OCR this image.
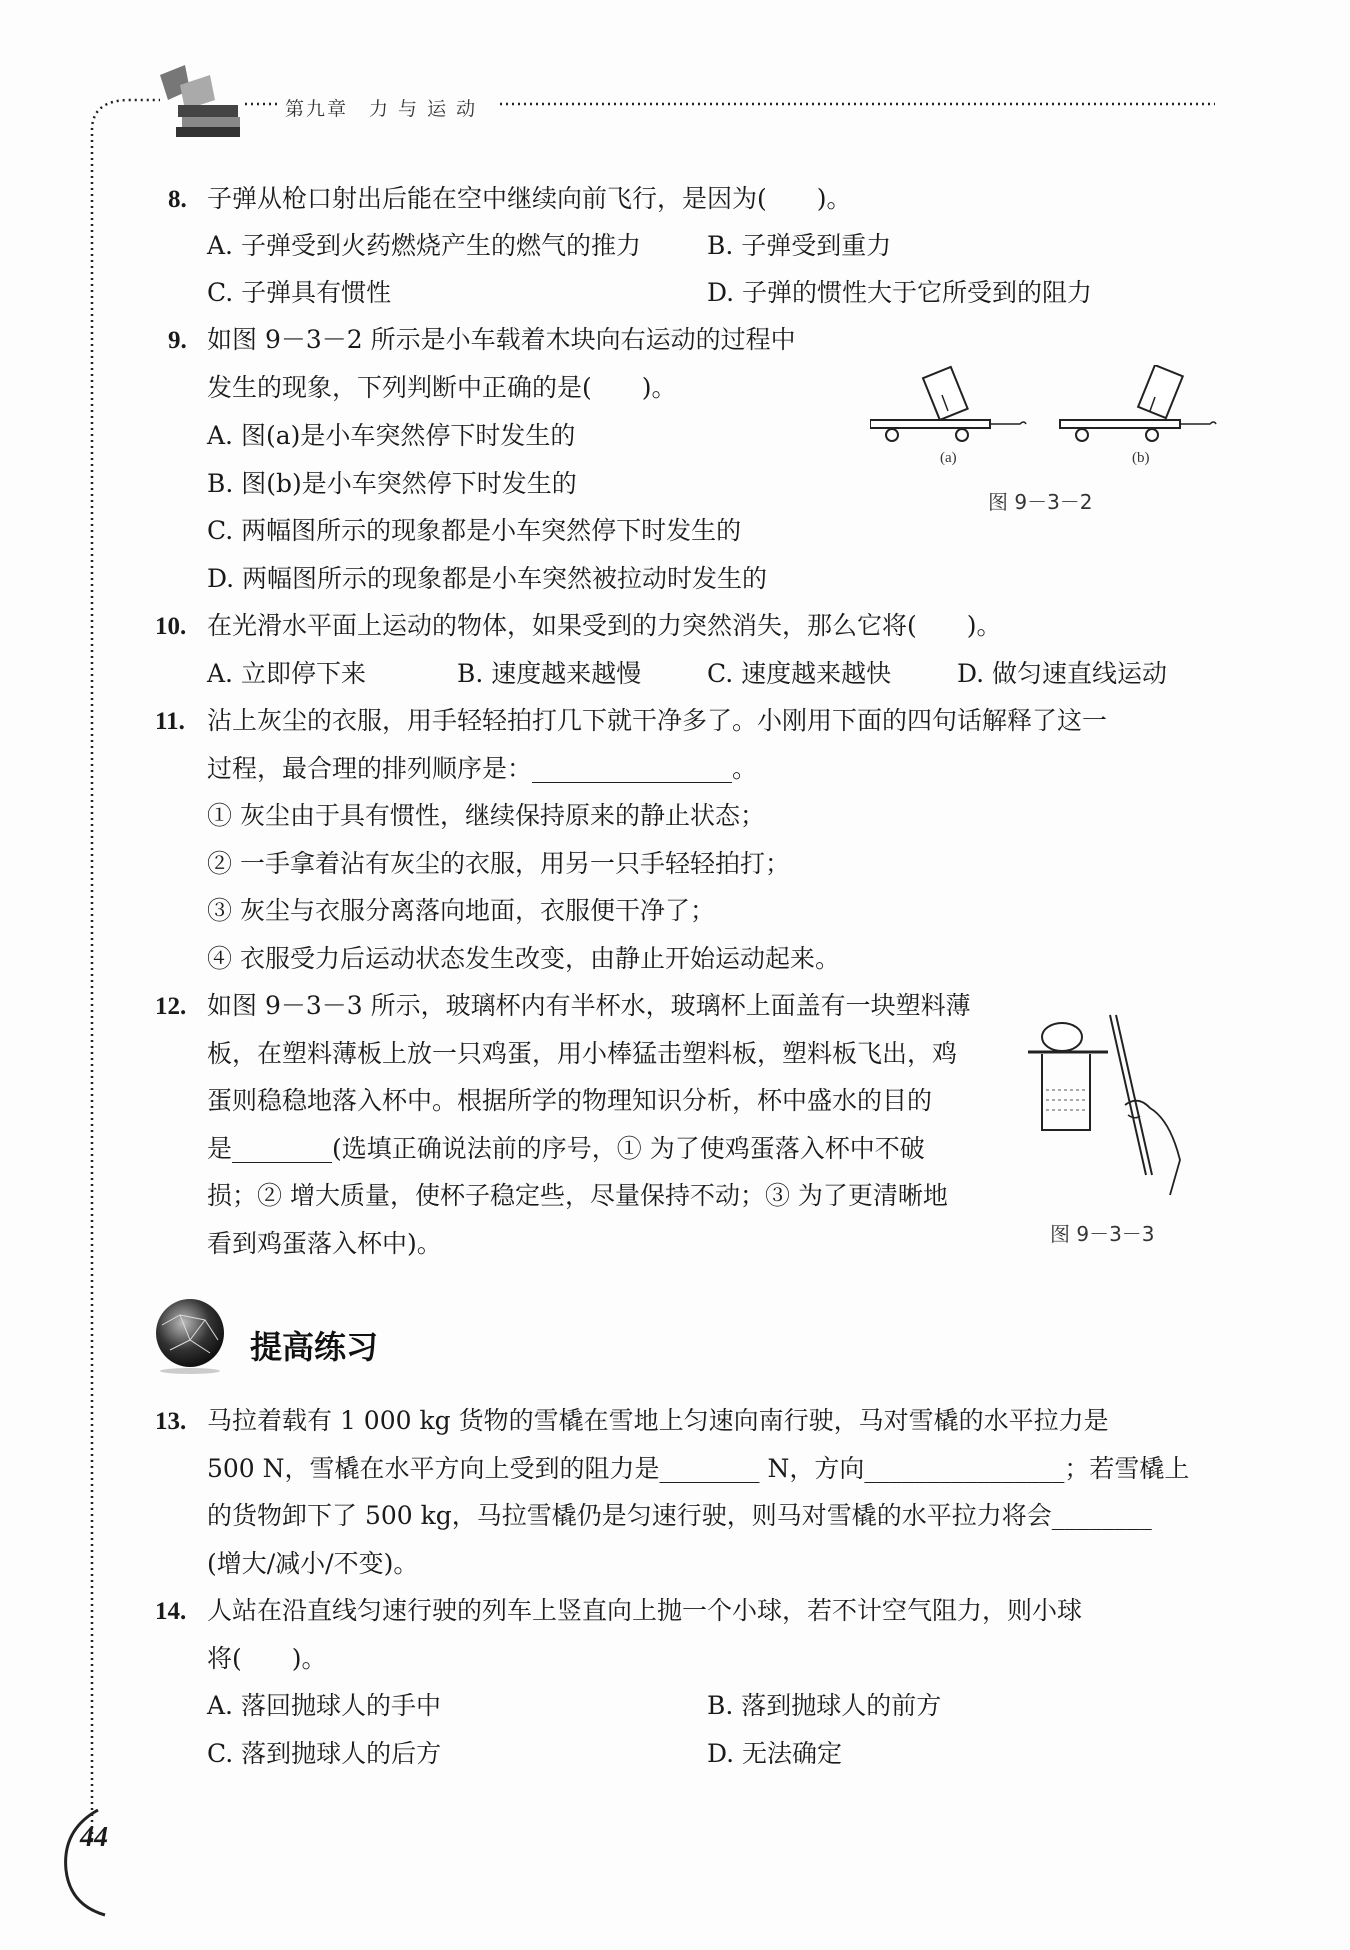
第九章　力 与 运 动
8. 子弹从枪口射出后能在空中继续向前飞行，是因为(　　)。
A. 子弹受到火药燃烧产生的燃气的推力	B. 子弹受到重力
C. 子弹具有惯性	D. 子弹的惯性大于它所受到的阻力
9. 如图 9－3－2 所示是小车载着木块向右运动的过程中
发生的现象，下列判断中正确的是(　　)。
A. 图(a)是小车突然停下时发生的
B. 图(b)是小车突然停下时发生的
C. 两幅图所示的现象都是小车突然停下时发生的
D. 两幅图所示的现象都是小车突然被拉动时发生的
(a)	(b)
图 9－3－2
10. 在光滑水平面上运动的物体，如果受到的力突然消失，那么它将(　　)。
A. 立即停下来	B. 速度越来越慢	C. 速度越来越快	D. 做匀速直线运动
11. 沾上灰尘的衣服，用手轻轻拍打几下就干净多了。小刚用下面的四句话解释了这一
过程，最合理的排列顺序是：________________。
① 灰尘由于具有惯性，继续保持原来的静止状态；
② 一手拿着沾有灰尘的衣服，用另一只手轻轻拍打；
③ 灰尘与衣服分离落向地面，衣服便干净了；
④ 衣服受力后运动状态发生改变，由静止开始运动起来。
12. 如图 9－3－3 所示，玻璃杯内有半杯水，玻璃杯上面盖有一块塑料薄
板，在塑料薄板上放一只鸡蛋，用小棒猛击塑料板，塑料板飞出，鸡
蛋则稳稳地落入杯中。根据所学的物理知识分析，杯中盛水的目的
是________(选填正确说法前的序号，① 为了使鸡蛋落入杯中不破
损；② 增大质量，使杯子稳定些，尽量保持不动；③ 为了更清晰地
看到鸡蛋落入杯中)。	图 9－3－3
提高练习
13. 马拉着载有 1 000 kg 货物的雪橇在雪地上匀速向南行驶，马对雪橇的水平拉力是
500 N，雪橇在水平方向上受到的阻力是________ N，方向________________；若雪橇上
的货物卸下了 500 kg，马拉雪橇仍是匀速行驶，则马对雪橇的水平拉力将会________
(增大/减小/不变)。
14. 人站在沿直线匀速行驶的列车上竖直向上抛一个小球，若不计空气阻力，则小球
将(　　)。
A. 落回抛球人的手中	B. 落到抛球人的前方
C. 落到抛球人的后方	D. 无法确定
44
